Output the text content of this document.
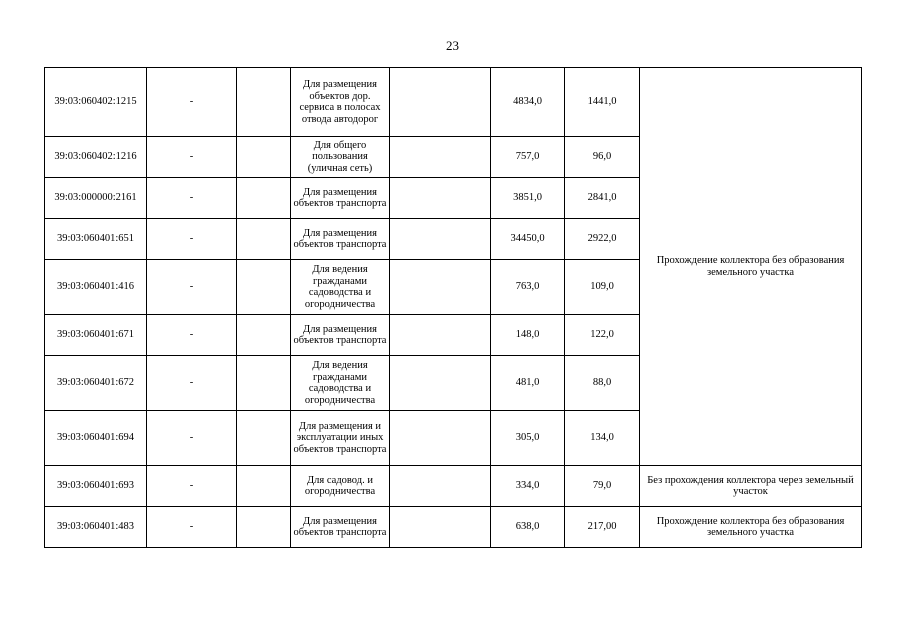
23
39:03:060402:1215	-		Для размещения объектов дор. сервиса в полосах отвода автодорог		4834,0	1441,0	Прохождение коллектора без образования земельного участка
39:03:060402:1216	-		Для общего пользования (уличная сеть)		757,0	96,0	
39:03:000000:2161	-		Для размещения объектов транспорта		3851,0	2841,0	
39:03:060401:651	-		Для размещения объектов транспорта		34450,0	2922,0	
39:03:060401:416	-		Для ведения гражданами садоводства и огородничества		763,0	109,0	
39:03:060401:671	-		Для размещения объектов транспорта		148,0	122,0	
39:03:060401:672	-		Для ведения гражданами садоводства и огородничества		481,0	88,0	
39:03:060401:694	-		Для размещения и эксплуатации иных объектов транспорта		305,0	134,0	
39:03:060401:693	-		Для садовод. и огородничества		334,0	79,0	Без прохождения коллектора через земельный участок
39:03:060401:483	-		Для размещения объектов транспорта		638,0	217,00	Прохождение коллектора без образования земельного участка
